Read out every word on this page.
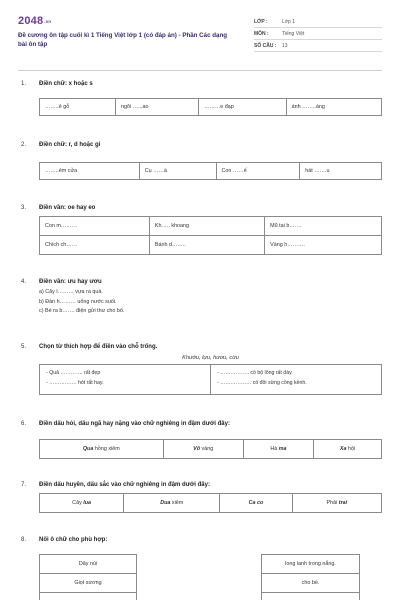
$2048^{.vn}$
Đề cương ôn tập cuối kì 1 Tiếng Việt lớp 1 (có đáp án) - Phần Các dạng bài ôn tập
LỚP :	Lớp 1
MÔN :	Tiếng Việt
SỐ CÂU :	13
1. Điền chữ: x hoặc s
……..ẻ gỗ	ngôi …...ao	………e đạp	ánh ……..áng
2. Điền chữ: r, d hoặc gi
……..ém cửa	Cụ ……à	Con ……ế	hát …….u
3. Điền vần: oe hay eo
Con m………	Kh….. khoang	Mũ tai b…….
Chích ch……	Bánh d……..	Vàng h……….
4. Điền vần: ưu hay ươu
a) Cây l……… vựa ra quả.
b) Đàn h……… uống nước suối.
c) Bé ra b……. điện gửi thư cho bố.
5. Chọn từ thích hợp để điền vào chỗ trống.
Khướu, lựu, hươu, cừu
- Quả …………. rất đẹp
- ……………. hót rất hay.
- …………….. có bộ lông rất dày.
- ……………… có đôi sừng cồng kềnh.
6. Điền dấu hỏi, dấu ngã hay nặng vào chữ nghiêng in đậm dưới đây:
Qua hồng xiêm	Võ vàng	Hà ma	Xa hội
7. Điền dấu huyền, dấu sắc vào chữ nghiêng in đậm dưới đây:
Cây lua	Dua xiêm	Ca co	Phải trai
8. Nối ô chữ cho phù hợp:
Dây núi
Giọt sương

long lanh trong nắng.
cho bé.
